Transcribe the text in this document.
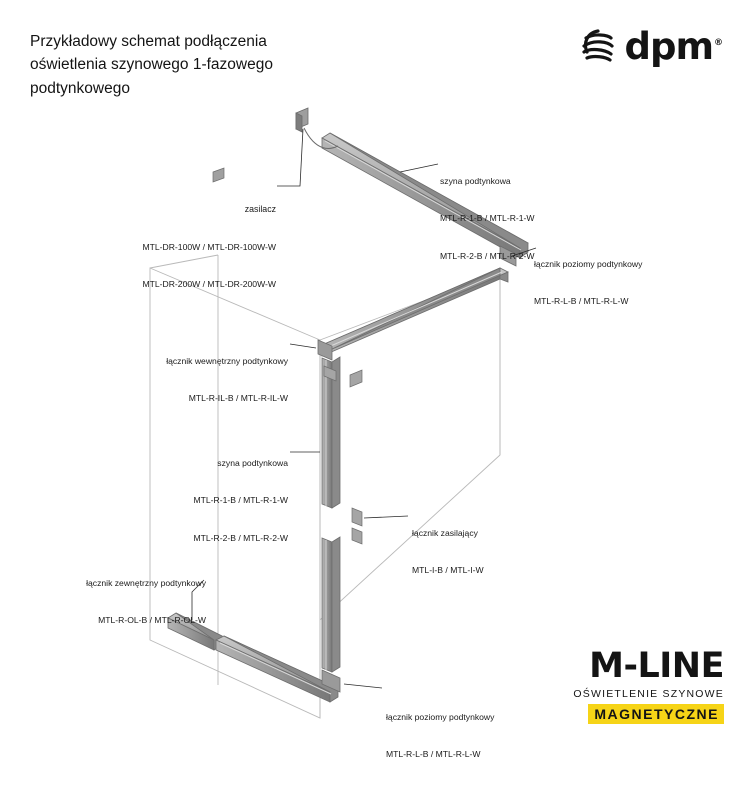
Przykładowy schemat podłączenia
oświetlenia szynowego 1-fazowego
podtynkowego
dpm®

zasilacz

MTL-DR-100W / MTL-DR-100W-W

MTL-DR-200W / MTL-DR-200W-W

szyna podtynkowa

MTL-R-1-B / MTL-R-1-W

MTL-R-2-B / MTL-R-2-W

łącznik poziomy podtynkowy

MTL-R-L-B / MTL-R-L-W

łącznik wewnętrzny podtynkowy

MTL-R-IL-B / MTL-R-IL-W

szyna podtynkowa

MTL-R-1-B / MTL-R-1-W

MTL-R-2-B / MTL-R-2-W

	łącznik zasilający

MTL-I-B / MTL-I-W

łącznik zewnętrzny podtynkowy

MTL-R-OL-B / MTL-R-OL-W

łącznik poziomy podtynkowy

MTL-R-L-B / MTL-R-L-W

M-LINE
OŚWIETLENIE SZYNOWE
MAGNETYCZNE
